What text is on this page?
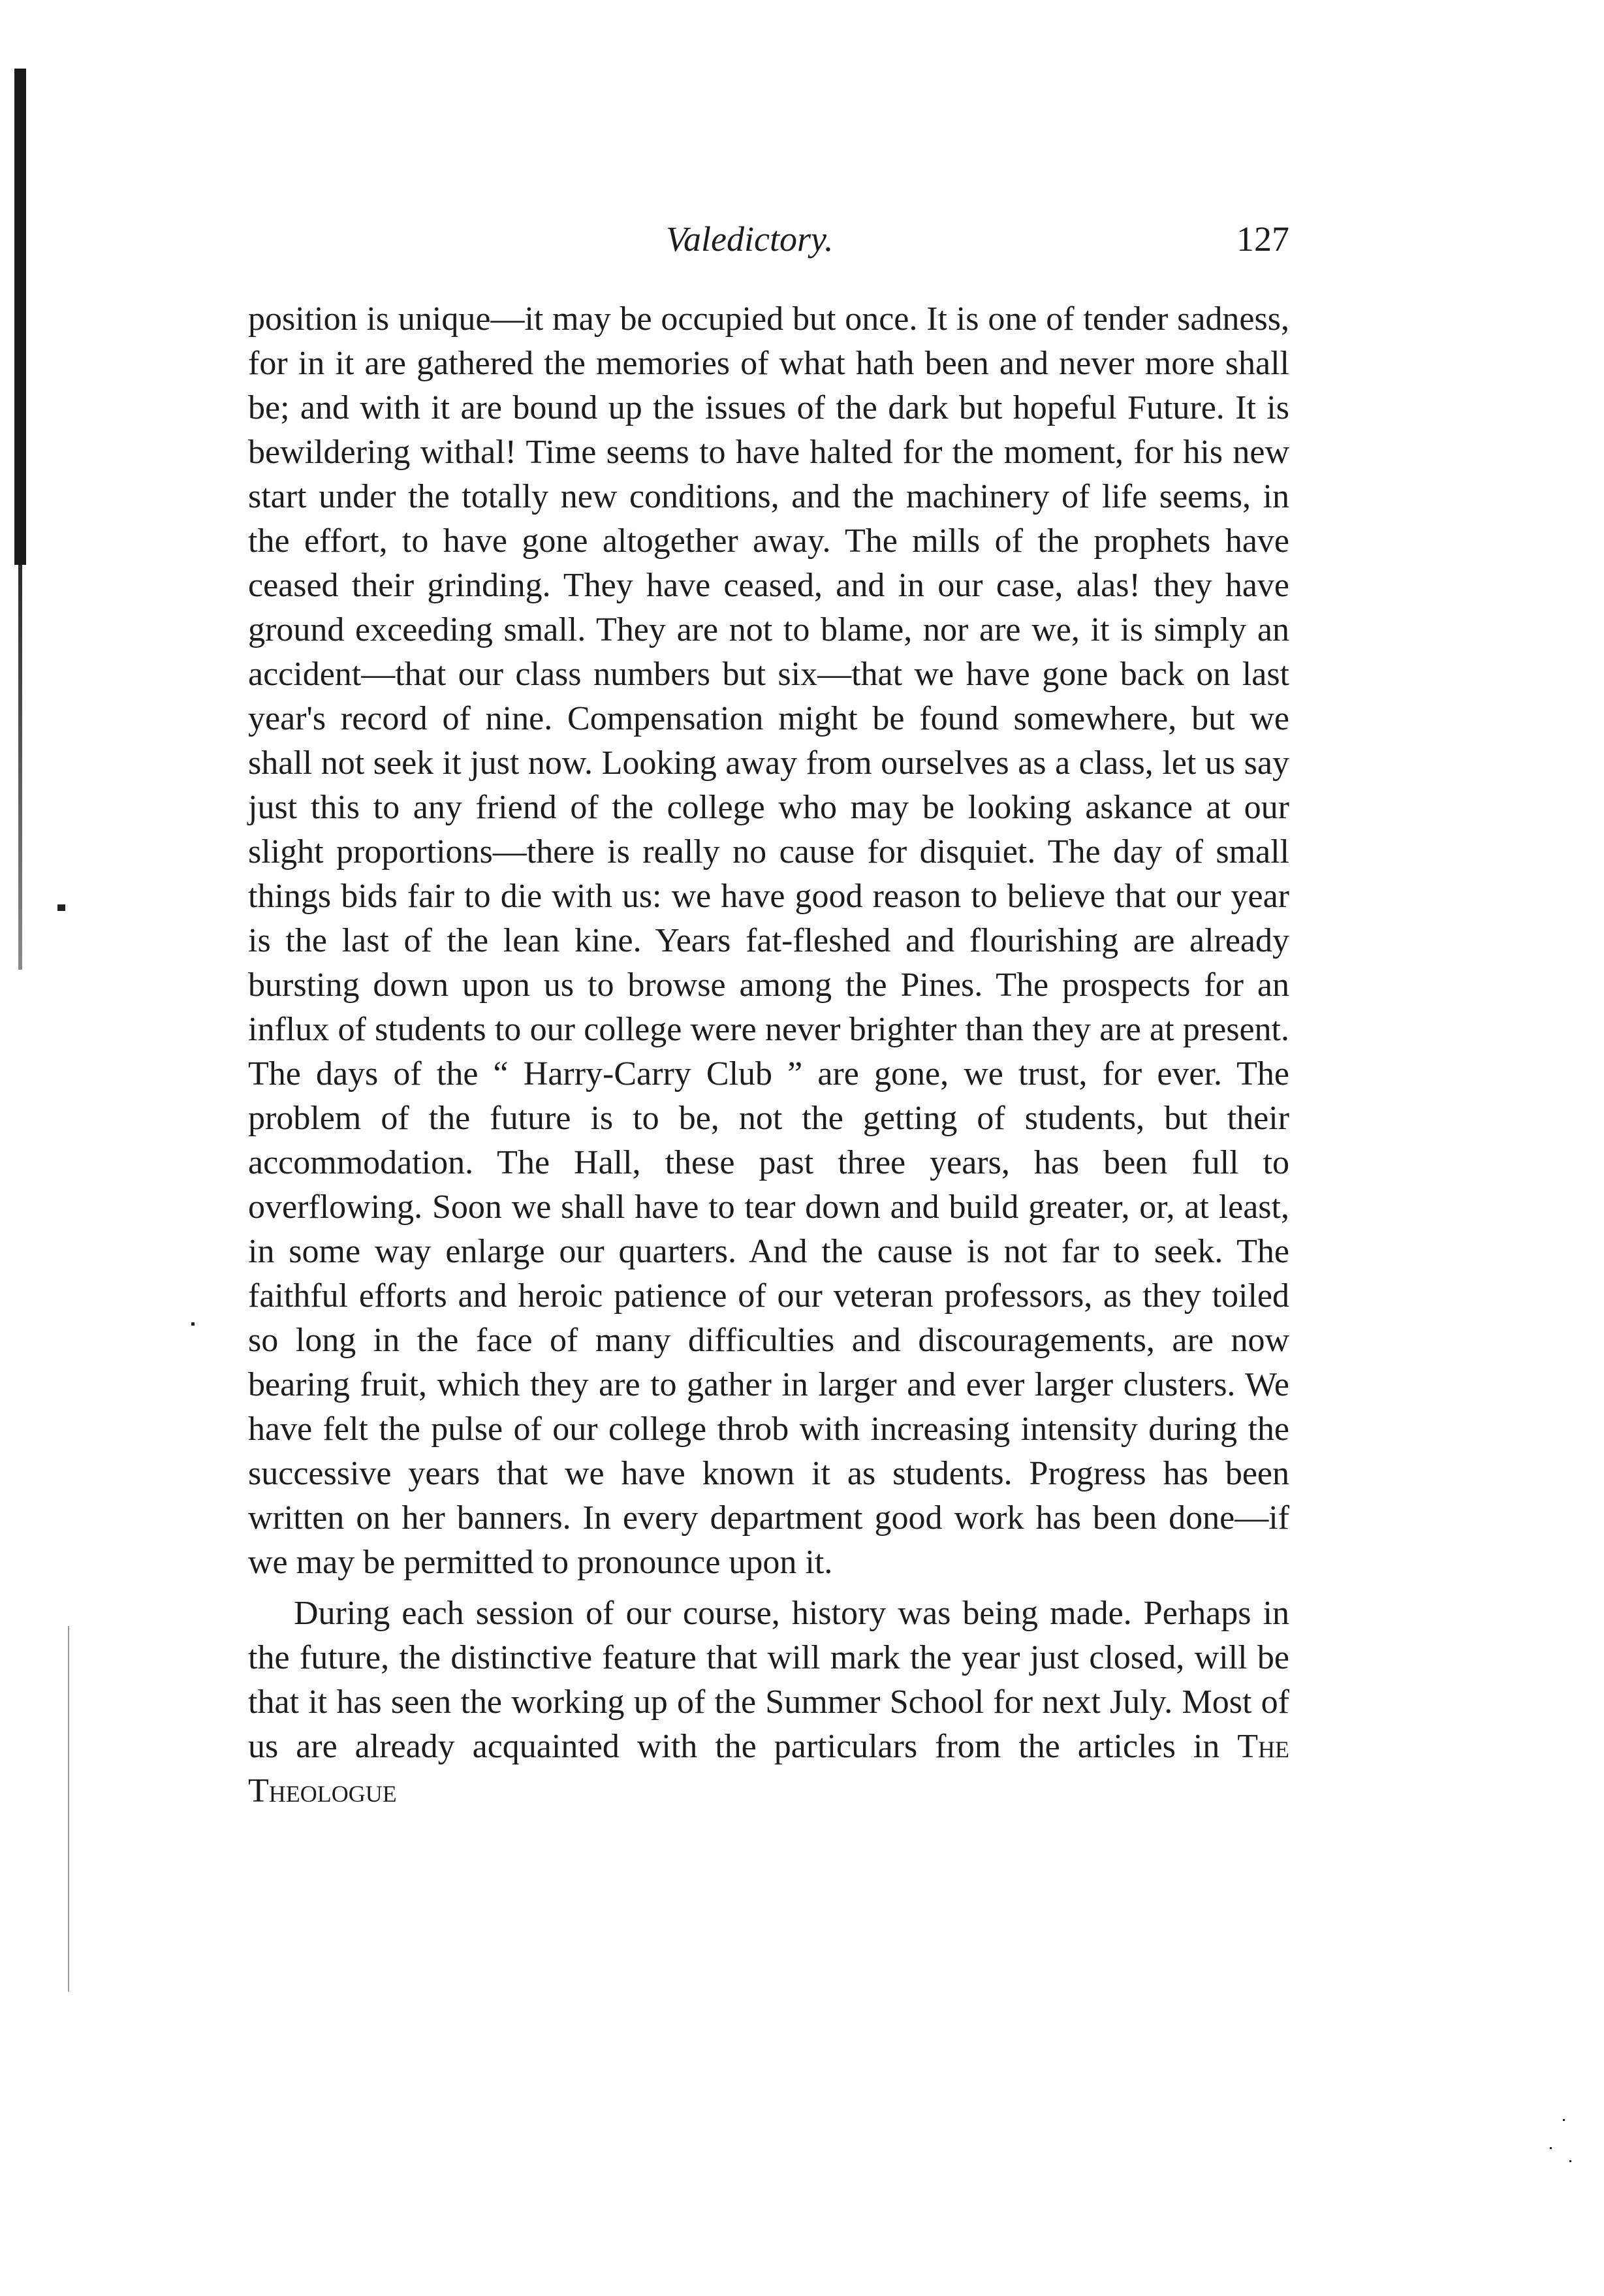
Valedictory.	127

position is unique—it may be occupied but once. It is one of tender sadness, for in it are gathered the memories of what hath been and never more shall be; and with it are bound up the issues of the dark but hopeful Future. It is bewildering withal! Time seems to have halted for the moment, for his new start under the totally new conditions, and the machinery of life seems, in the effort, to have gone altogether away. The mills of the prophets have ceased their grinding. They have ceased, and in our case, alas! they have ground exceeding small. They are not to blame, nor are we, it is simply an accident—that our class numbers but six—that we have gone back on last year's record of nine. Compensation might be found somewhere, but we shall not seek it just now. Looking away from ourselves as a class, let us say just this to any friend of the college who may be looking askance at our slight proportions—there is really no cause for disquiet. The day of small things bids fair to die with us: we have good reason to believe that our year is the last of the lean kine. Years fat-fleshed and flourishing are already bursting down upon us to browse among the Pines. The prospects for an influx of students to our college were never brighter than they are at present. The days of the “ Harry-Carry Club ” are gone, we trust, for ever. The problem of the future is to be, not the getting of students, but their accommodation. The Hall, these past three years, has been full to overflowing. Soon we shall have to tear down and build greater, or, at least, in some way enlarge our quarters. And the cause is not far to seek. The faithful efforts and heroic patience of our veteran professors, as they toiled so long in the face of many difficulties and discouragements, are now bearing fruit, which they are to gather in larger and ever larger clusters. We have felt the pulse of our college throb with increasing intensity during the successive years that we have known it as students. Progress has been written on her banners. In every department good work has been done—if we may be permitted to pronounce upon it.

During each session of our course, history was being made. Perhaps in the future, the distinctive feature that will mark the year just closed, will be that it has seen the working up of the Summer School for next July. Most of us are already acquainted with the particulars from the articles in The Theologue
